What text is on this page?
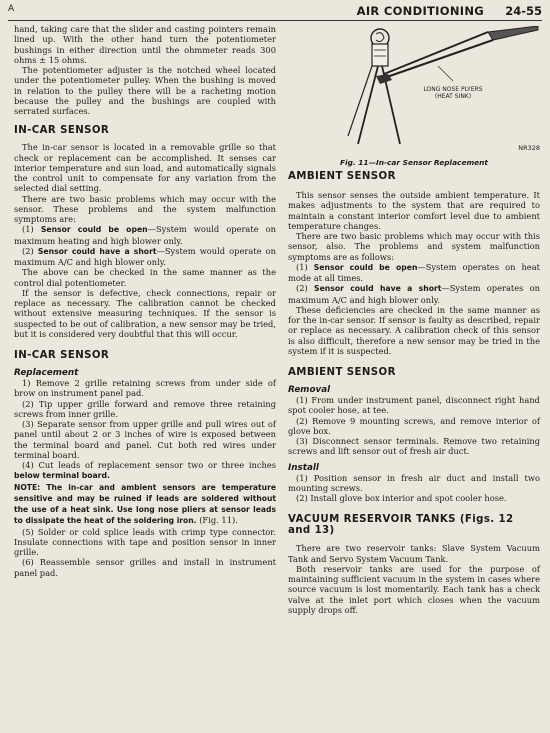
A	AIR CONDITIONING 24-55

hand, taking care that the slider and casting pointers remain lined up. With the other hand turn the potentiometer bushings in either direction until the ohmmeter reads 300 ohms ± 15 ohms.

The potentiometer adjuster is the notched wheel located under the potentiometer pulley. When the bushing is moved in relation to the pulley there will be a racheting motion because the pulley and the bushings are coupled with serrated surfaces.

IN-CAR SENSOR

The in-car sensor is located in a removable grille so that check or replacement can be accomplished. It senses car interior temperature and sun load, and automatically signals the control unit to compensate for any variation from the selected dial setting.

There are two basic problems which may occur with the sensor. These problems and the system malfunction symptoms are:

(1) Sensor could be open—System would operate on maximum heating and high blower only.

(2) Sensor could have a short—System would operate on maximum A/C and high blower only.

The above can be checked in the same manner as the control dial potentiometer.

If the sensor is defective, check connections, repair or replace as necessary. The calibration cannot be checked without extensive measuring techniques. If the sensor is suspected to be out of calibration, a new sensor may be tried, but it is considered very doubtful that this will occur.

IN-CAR SENSOR
Replacement

1) Remove 2 grille retaining screws from under side of brow on instrument panel pad.

(2) Tip upper grille forward and remove three retaining screws from inner grille.

(3) Separate sensor from upper grille and pull wires out of panel until about 2 or 3 inches of wire is exposed between the terminal board and panel. Cut both red wires under terminal board.

(4) Cut leads of replacement sensor two or three inches below terminal board.

NOTE: The in-car and ambient sensors are temperature sensitive and may be ruined if leads are soldered without the use of a heat sink. Use long nose pliers at sensor leads to dissipate the heat of the soldering iron. (Fig. 11).

(5) Solder or cold splice leads with crimp type connector. Insulate connections with tape and position sensor in inner grille.

(6) Reassemble sensor grilles and install in instrument panel pad.

LONG NOSE PLYERS (HEAT SINK)
NR328
Fig. 11—In-car Sensor Replacement
AMBIENT SENSOR

This sensor senses the outside ambient temperature. It makes adjustments to the system that are required to maintain a constant interior comfort level due to ambient temperature changes.

There are two basic problems which may occur with this sensor, also. The problems and system malfunction symptoms are as follows:

(1) Sensor could be open—System operates on heat mode at all times.

(2) Sensor could have a short—System operates on maximum A/C and high blower only.

These deficiencies are checked in the same manner as for the in-car sensor. If sensor is faulty as described, repair or replace as necessary. A calibration check of this sensor is also difficult, therefore a new sensor may be tried in the system if it is suspected.

AMBIENT SENSOR
Removal

(1) From under instrument panel, disconnect right hand spot cooler hose, at tee.

(2) Remove 9 mounting screws, and remove interior of glove box.

(3) Disconnect sensor terminals. Remove two retaining screws and lift sensor out of fresh air duct.

Install

(1) Position sensor in fresh air duct and install two mounting screws.

(2) Install glove box interior and spot cooler hose.

VACUUM RESERVOIR TANKS (Figs. 12 and 13)

There are two reservoir tanks: Slave System Vacuum Tank and Servo System Vacuum Tank.

Both reservoir tanks are used for the purpose of maintaining sufficient vacuum in the system in cases where source vacuum is lost momentarily. Each tank has a check valve at the inlet port which closes when the vacuum supply drops off.
